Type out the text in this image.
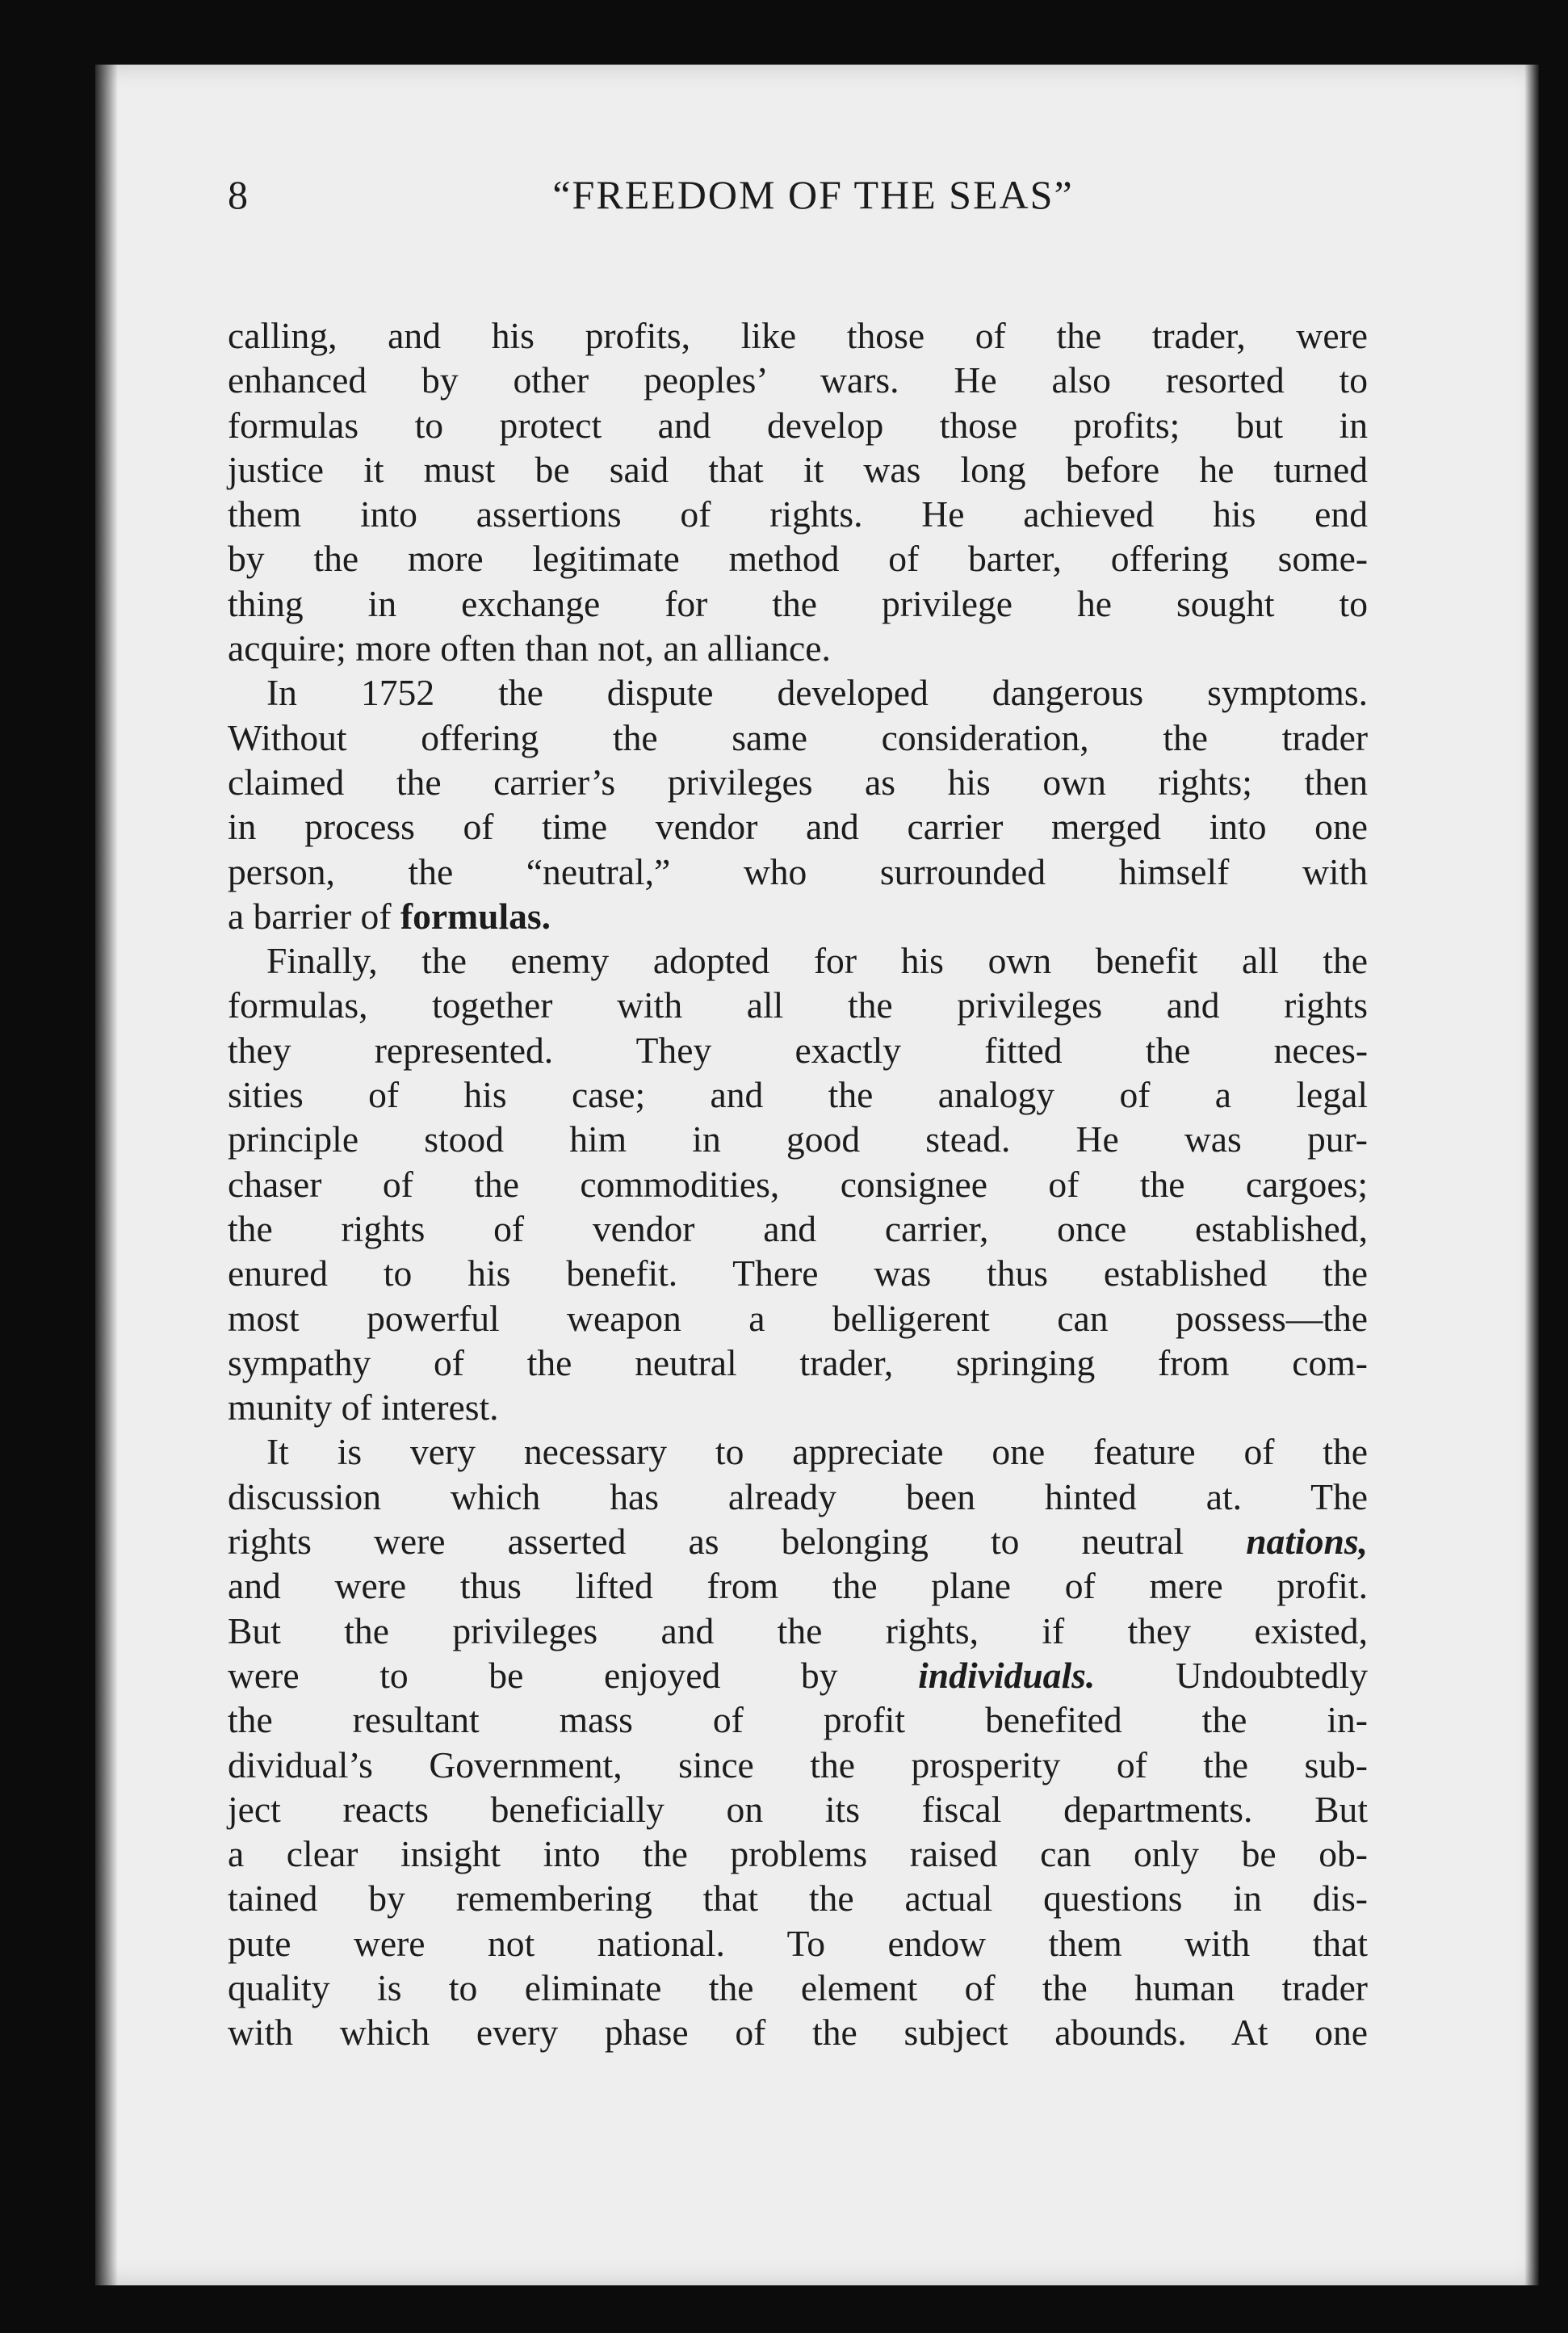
8	“FREEDOM OF THE SEAS”
calling, and his profits, like those of the trader, were
enhanced by other peoples’ wars. He also resorted to
formulas to protect and develop those profits; but in
justice it must be said that it was long before he turned
them into assertions of rights. He achieved his end
by the more legitimate method of barter, offering some-
thing in exchange for the privilege he sought to
acquire; more often than not, an alliance.
In 1752 the dispute developed dangerous symptoms.
Without offering the same consideration, the trader
claimed the carrier’s privileges as his own rights; then
in process of time vendor and carrier merged into one
person, the “neutral,” who surrounded himself with
a barrier of formulas.
Finally, the enemy adopted for his own benefit all the
formulas, together with all the privileges and rights
they represented. They exactly fitted the neces-
sities of his case; and the analogy of a legal
principle stood him in good stead. He was pur-
chaser of the commodities, consignee of the cargoes;
the rights of vendor and carrier, once established,
enured to his benefit. There was thus established the
most powerful weapon a belligerent can possess—the
sympathy of the neutral trader, springing from com-
munity of interest.
It is very necessary to appreciate one feature of the
discussion which has already been hinted at. The
rights were asserted as belonging to neutral nations,
and were thus lifted from the plane of mere profit.
But the privileges and the rights, if they existed,
were to be enjoyed by individuals. Undoubtedly
the resultant mass of profit benefited the in-
dividual’s Government, since the prosperity of the sub-
ject reacts beneficially on its fiscal departments. But
a clear insight into the problems raised can only be ob-
tained by remembering that the actual questions in dis-
pute were not national. To endow them with that
quality is to eliminate the element of the human trader
with which every phase of the subject abounds. At one
